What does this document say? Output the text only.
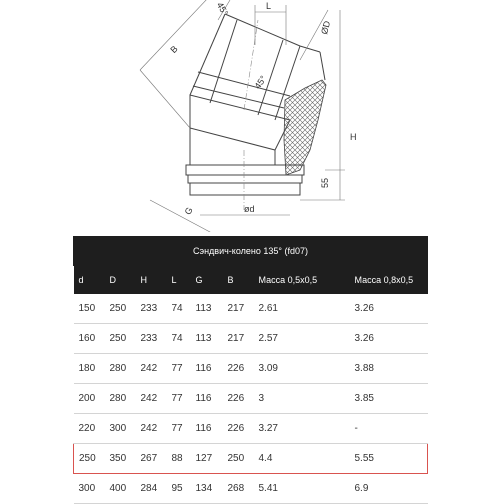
45°	L
ØD
B
45°
H
55
G	ød
Сэндвич-колено 135° (fd07)
d	D	H	L	G	B	Масса 0,5х0,5	Масса 0,8х0,5
150	250	233	74	113	217	2.61	3.26
160	250	233	74	113	217	2.57	3.26
180	280	242	77	116	226	3.09	3.88
200	280	242	77	116	226	3	3.85
220	300	242	77	116	226	3.27	-
250	350	267	88	127	250	4.4	5.55
300	400	284	95	134	268	5.41	6.9
